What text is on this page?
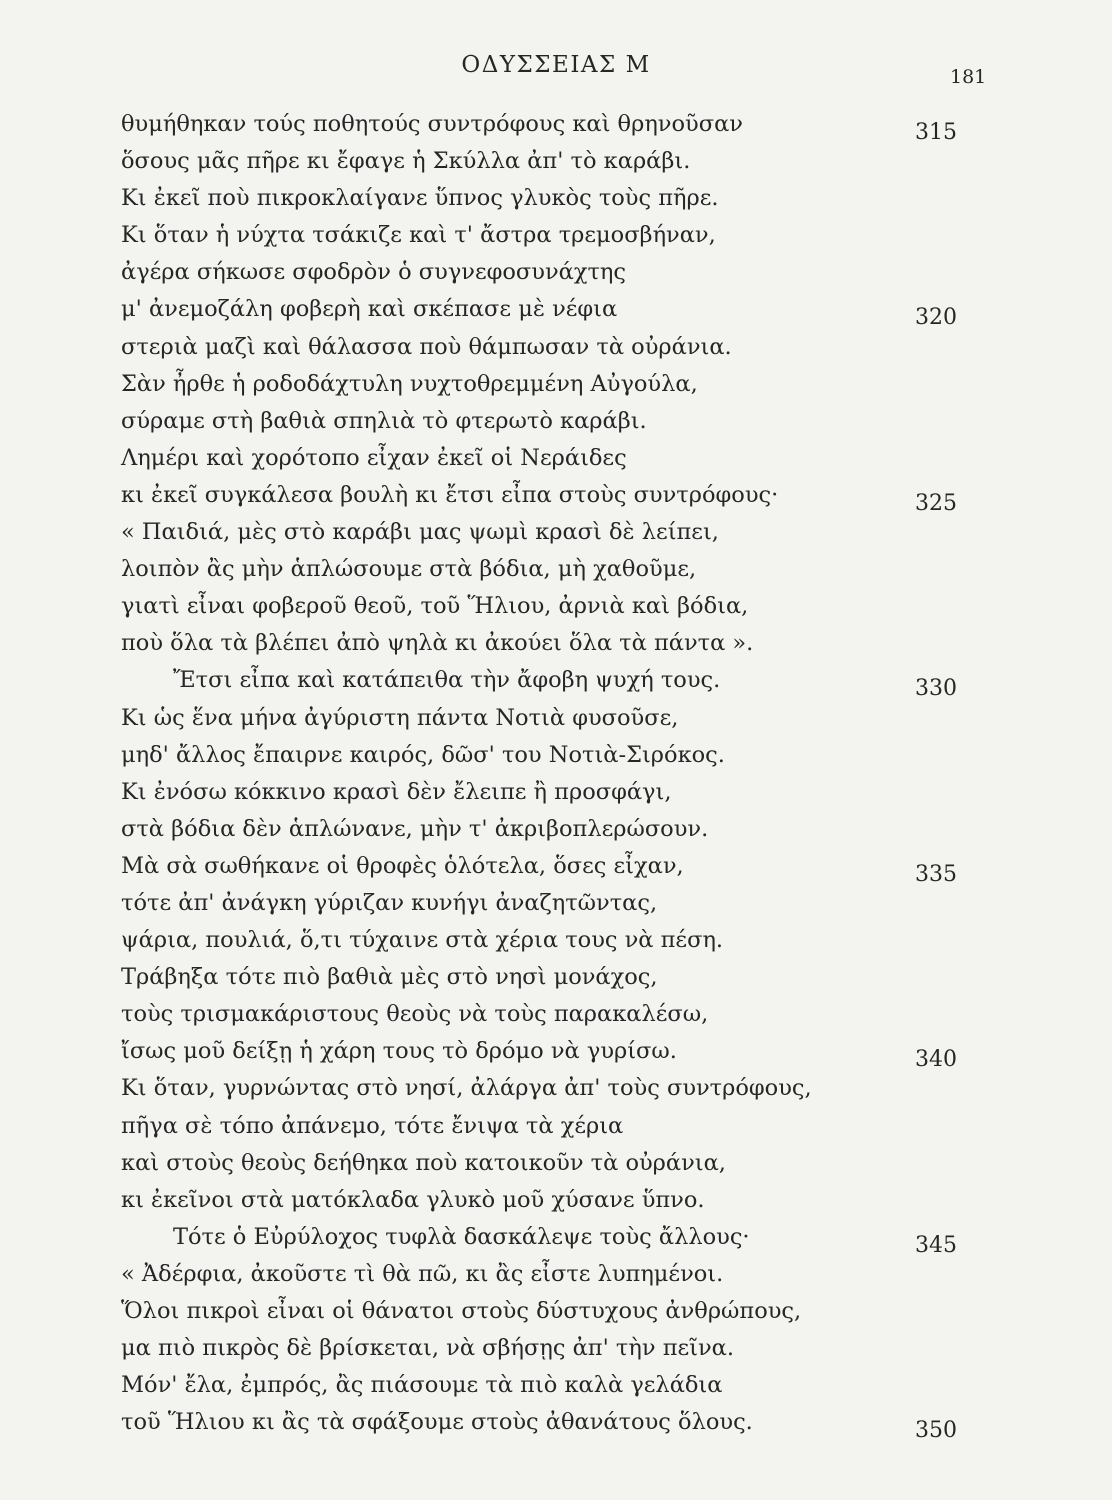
ΟΔΥΣΣΕΙΑΣ Μ	181
θυμήθηκαν τούς ποθητούς συντρόφους καὶ θρηνοῦσαν	315
ὅσους μᾶς πῆρε κι ἔφαγε ἡ Σκύλλα ἀπ' τὸ καράβι.
Κι ἐκεῖ ποὺ πικροκλαίγανε ὕπνος γλυκὸς τοὺς πῆρε.
Κι ὅταν ἡ νύχτα τσάκιζε καὶ τ' ἄστρα τρεμοσβήναν,
ἀγέρα σήκωσε σφοδρὸν ὁ συγνεφοσυνάχτης
μ' ἀνεμοζάλη φοβερὴ καὶ σκέπασε μὲ νέφια	320
στεριὰ μαζὶ καὶ θάλασσα ποὺ θάμπωσαν τὰ οὐράνια.
Σὰν ἦρθε ἡ ροδοδάχτυλη νυχτοθρεμμένη Αὐγούλα,
σύραμε στὴ βαθιὰ σπηλιὰ τὸ φτερωτὸ καράβι.
Λημέρι καὶ χορότοπο εἶχαν ἐκεῖ οἱ Νεράιδες
κι ἐκεῖ συγκάλεσα βουλὴ κι ἔτσι εἶπα στοὺς συντρόφους·	325
« Παιδιά, μὲς στὸ καράβι μας ψωμὶ κρασὶ δὲ λείπει,
λοιπὸν ἂς μὴν ἁπλώσουμε στὰ βόδια, μὴ χαθοῦμε,
γιατὶ εἶναι φοβεροῦ θεοῦ, τοῦ Ἥλιου, ἀρνιὰ καὶ βόδια,
ποὺ ὅλα τὰ βλέπει ἀπὸ ψηλὰ κι ἀκούει ὅλα τὰ πάντα ».
Ἔτσι εἶπα καὶ κατάπειθα τὴν ἄφοβη ψυχή τους.	330
Κι ὡς ἕνα μήνα ἀγύριστη πάντα Νοτιὰ φυσοῦσε,
μηδ' ἄλλος ἔπαιρνε καιρός, δῶσ' του Νοτιὰ-Σιρόκος.
Κι ἐνόσω κόκκινο κρασὶ δὲν ἔλειπε ἢ προσφάγι,
στὰ βόδια δὲν ἁπλώνανε, μὴν τ' ἀκριβοπλερώσουν.
Μὰ σὰ σωθήκανε οἱ θροφὲς ὁλότελα, ὅσες εἶχαν,	335
τότε ἀπ' ἀνάγκη γύριζαν κυνήγι ἀναζητῶντας,
ψάρια, πουλιά, ὅ,τι τύχαινε στὰ χέρια τους νὰ πέση.
Τράβηξα τότε πιὸ βαθιὰ μὲς στὸ νησὶ μονάχος,
τοὺς τρισμακάριστους θεοὺς νὰ τοὺς παρακαλέσω,
ἴσως μοῦ δείξῃ ἡ χάρη τους τὸ δρόμο νὰ γυρίσω.	340
Κι ὅταν, γυρνώντας στὸ νησί, ἀλάργα ἀπ' τοὺς συντρόφους,
πῆγα σὲ τόπο ἀπάνεμο, τότε ἔνιψα τὰ χέρια
καὶ στοὺς θεοὺς δεήθηκα ποὺ κατοικοῦν τὰ οὐράνια,
κι ἐκεῖνοι στὰ ματόκλαδα γλυκὸ μοῦ χύσανε ὕπνο.
Τότε ὁ Εὐρύλοχος τυφλὰ δασκάλεψε τοὺς ἄλλους·	345
« Ἀδέρφια, ἀκοῦστε τὶ θὰ πῶ, κι ἂς εἶστε λυπημένοι.
Ὅλοι πικροὶ εἶναι οἱ θάνατοι στοὺς δύστυχους ἀνθρώπους,
μα πιὸ πικρὸς δὲ βρίσκεται, νὰ σβήσῃς ἀπ' τὴν πεῖνα.
Μόν' ἔλα, ἐμπρός, ἂς πιάσουμε τὰ πιὸ καλὰ γελάδια
τοῦ Ἥλιου κι ἂς τὰ σφάξουμε στοὺς ἀθανάτους ὅλους.	350
